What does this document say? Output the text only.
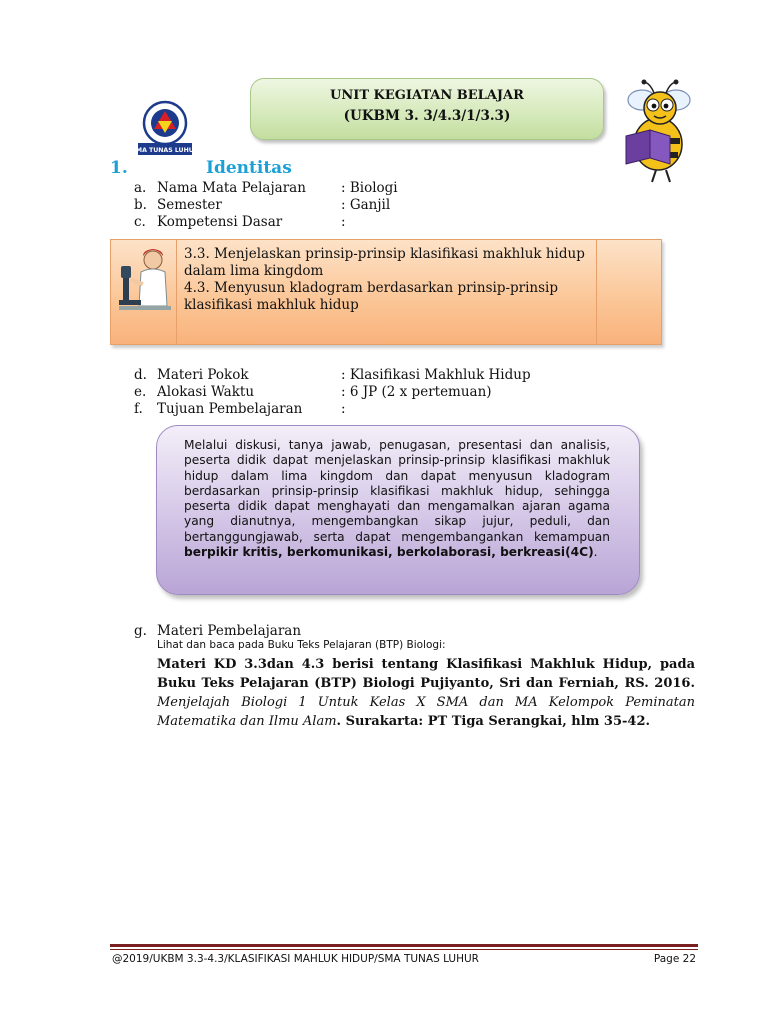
UNIT KEGIATAN BELAJAR
(UKBM 3. 3/4.3/1/3.3)
SMA TUNAS LUHUR
1.	Identitas
a. Nama Mata Pelajaran	: Biologi
b. Semester	: Ganjil
c. Kompetensi Dasar	:
3.3. Menjelaskan prinsip-prinsip klasifikasi makhluk hidup
dalam lima kingdom
4.3. Menyusun kladogram berdasarkan prinsip-prinsip
klasifikasi makhluk hidup
d. Materi Pokok	: Klasifikasi Makhluk Hidup
e. Alokasi Waktu	: 6 JP (2 x pertemuan)
f. Tujuan Pembelajaran	:
Melalui diskusi, tanya jawab, penugasan, presentasi dan analisis, peserta didik dapat menjelaskan prinsip-prinsip klasifikasi makhluk hidup dalam lima kingdom dan dapat menyusun kladogram berdasarkan prinsip-prinsip klasifikasi makhluk hidup, sehingga peserta didik dapat menghayati dan mengamalkan ajaran agama yang dianutnya, mengembangkan sikap jujur, peduli, dan bertanggungjawab, serta dapat mengembangankan kemampuan berpikir kritis, berkomunikasi, berkolaborasi, berkreasi(4C).
g. Materi Pembelajaran
Lihat dan baca pada Buku Teks Pelajaran (BTP) Biologi:
Materi KD 3.3dan 4.3 berisi tentang Klasifikasi Makhluk Hidup, pada Buku Teks Pelajaran (BTP) Biologi Pujiyanto, Sri dan Ferniah, RS. 2016. Menjelajah Biologi 1 Untuk Kelas X SMA dan MA Kelompok Peminatan Matematika dan Ilmu Alam. Surakarta: PT Tiga Serangkai, hlm 35-42.
@2019/UKBM 3.3-4.3/KLASIFIKASI MAHLUK HIDUP/SMA TUNAS LUHUR	Page 22
